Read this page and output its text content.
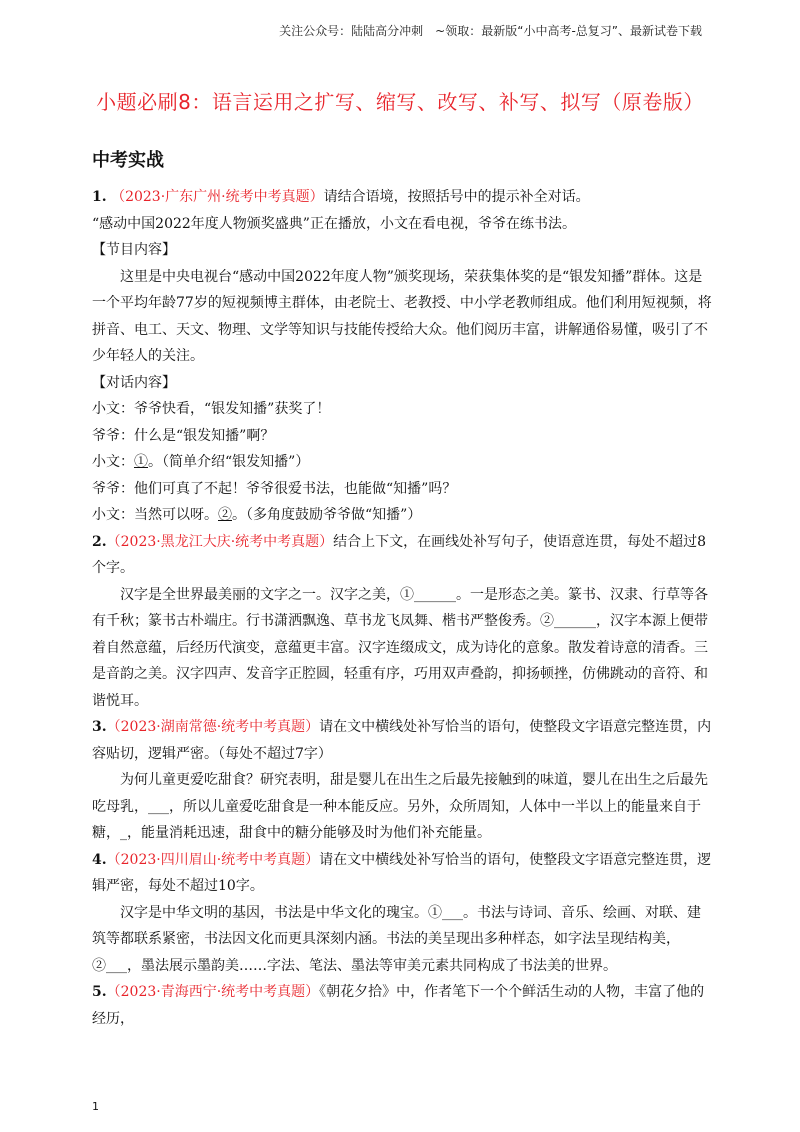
关注公众号：陆陆高分冲刺　~领取：最新版“小中高考-总复习”、最新试卷下载
小题必刷8：语言运用之扩写、缩写、改写、补写、拟写（原卷版）
中考实战

1. （2023·广东广州·统考中考真题）请结合语境，按照括号中的提示补全对话。

“感动中国2022年度人物颁奖盛典”正在播放，小文在看电视，爷爷在练书法。

【节目内容】

这里是中央电视台“感动中国2022年度人物”颁奖现场，荣获集体奖的是“银发知播”群体。这是一个平均年龄77岁的短视频博主群体，由老院士、老教授、中小学老教师组成。他们利用短视频，将拼音、电工、天文、物理、文学等知识与技能传授给大众。他们阅历丰富，讲解通俗易懂，吸引了不少年轻人的关注。

【对话内容】

小文：爷爷快看，“银发知播”获奖了！

爷爷：什么是“银发知播”啊？

小文：①。（简单介绍“银发知播”）

爷爷：他们可真了不起！爷爷很爱书法，也能做“知播”吗？

小文：当然可以呀。②。（多角度鼓励爷爷做“知播”）

2.（2023·黑龙江大庆·统考中考真题）结合上下文，在画线处补写句子，使语意连贯，每处不超过8个字。

汉字是全世界最美丽的文字之一。汉字之美，①______。一是形态之美。篆书、汉隶、行草等各有千秋；篆书古朴端庄。行书潇洒飘逸、草书龙飞凤舞、楷书严整俊秀。②______，汉字本源上便带着自然意蕴，后经历代演变，意蕴更丰富。汉字连缀成文，成为诗化的意象。散发着诗意的清香。三是音韵之美。汉字四声、发音字正腔圆，轻重有序，巧用双声叠韵，抑扬顿挫，仿佛跳动的音符、和谐悦耳。

3.（2023·湖南常德·统考中考真题）请在文中横线处补写恰当的语句，使整段文字语意完整连贯，内容贴切，逻辑严密。（每处不超过7字）

为何儿童更爱吃甜食？研究表明，甜是婴儿在出生之后最先接触到的味道，婴儿在出生之后最先吃母乳，___，所以儿童爱吃甜食是一种本能反应。另外，众所周知，人体中一半以上的能量来自于糖，_，能量消耗迅速，甜食中的糖分能够及时为他们补充能量。

4.（2023·四川眉山·统考中考真题）请在文中横线处补写恰当的语句，使整段文字语意完整连贯，逻辑严密，每处不超过10字。

汉字是中华文明的基因，书法是中华文化的瑰宝。①___。书法与诗词、音乐、绘画、对联、建筑等都联系紧密，书法因文化而更具深刻内涵。书法的美呈现出多种样态，如字法呈现结构美，②___，墨法展示墨韵美……字法、笔法、墨法等审美元素共同构成了书法美的世界。

5.（2023·青海西宁·统考中考真题）《朝花夕拾》中，作者笔下一个个鲜活生动的人物，丰富了他的经历，

1
